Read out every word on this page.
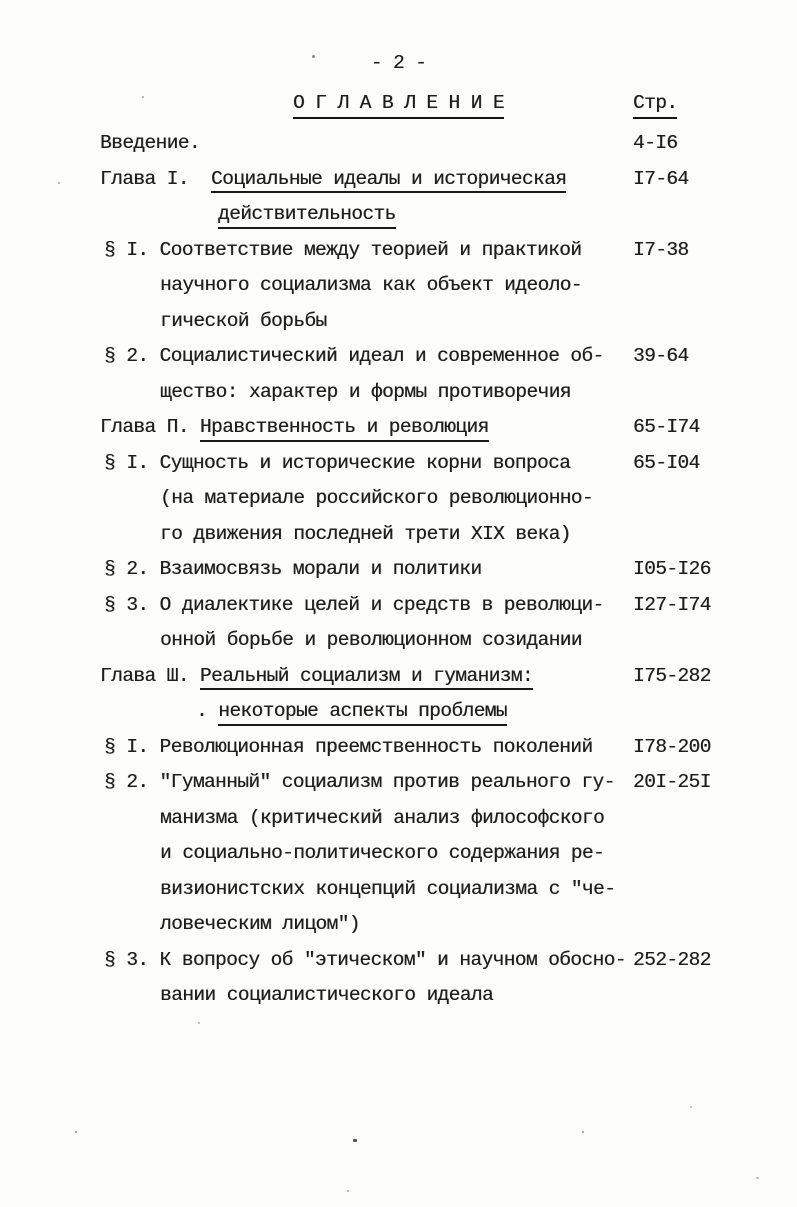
- 2 -

О Г Л А В Л Е Н И Е

	Стр.

Введение.	4-I6
Глава I.  Социальные идеалы и историческая	I7-64
действительность
§ I. Соответствие между теорией и практикой	I7-38
научного социализма как объект идеоло-
гической борьбы
§ 2. Социалистический идеал и современное об- 39-64
щество: характер и формы противоречия
Глава П. Нравственность и революция	65-I74
§ I. Сущность и исторические корни вопроса	65-I04
(на материале российского революционно-
го движения последней трети XIX века)
§ 2. Взаимосвязь морали и политики	I05-I26
§ 3. О диалектике целей и средств в революци- I27-I74
онной борьбе и революционном созидании
Глава Ш. Реальный социализм и гуманизм:	I75-282
. некоторые аспекты проблемы
§ I. Революционная преемственность поколений I78-200
§ 2. "Гуманный" социализм против реального гу- 20I-25I
манизма (критический анализ философского
и социально-политического содержания ре-
визионистских концепций социализма с "че-
ловеческим лицом")
§ 3. К вопросу об "этическом" и научном обосно- 252-282
вании социалистического идеала
